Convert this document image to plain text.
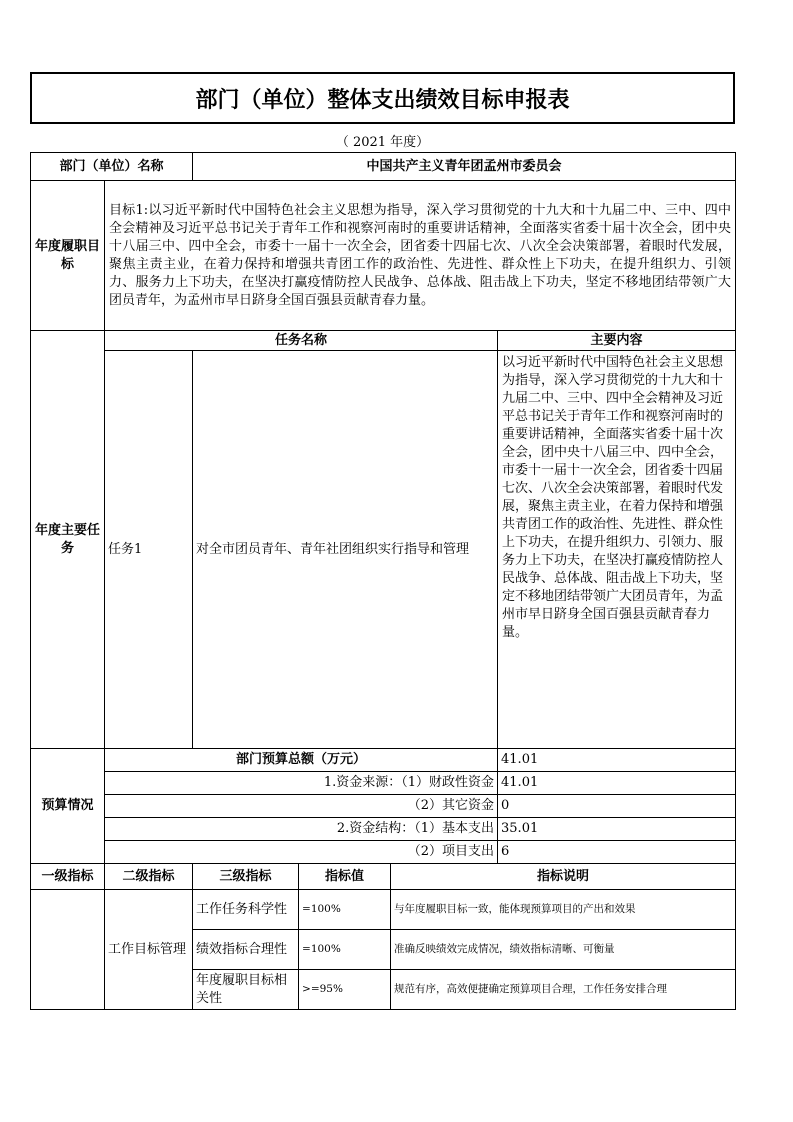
部门（单位）整体支出绩效目标申报表
（ 2021 年度）
部门（单位）名称		中国共产主义青年团孟州市委员会			
年度履职目标	目标1:以习近平新时代中国特色社会主义思想为指导，深入学习贯彻党的十九大和十九届二中、三中、四中全会精神及习近平总书记关于青年工作和视察河南时的重要讲话精神，全面落实省委十届十次全会，团中央十八届三中、四中全会，市委十一届十一次全会，团省委十四届七次、八次全会决策部署，着眼时代发展，聚焦主责主业，在着力保持和增强共青团工作的政治性、先进性、群众性上下功夫，在提升组织力、引领力、服务力上下功夫，在坚决打赢疫情防控人民战争、总体战、阻击战上下功夫，坚定不移地团结带领广大团员青年，为孟州市早日跻身全国百强县贡献青春力量。				
年度主要任务	任务名称				主要内容
	任务1	对全市团员青年、青年社团组织实行指导和管理			以习近平新时代中国特色社会主义思想为指导，深入学习贯彻党的十九大和十九届二中、三中、四中全会精神及习近平总书记关于青年工作和视察河南时的重要讲话精神，全面落实省委十届十次全会，团中央十八届三中、四中全会，市委十一届十一次全会，团省委十四届七次、八次全会决策部署，着眼时代发展，聚焦主责主业，在着力保持和增强共青团工作的政治性、先进性、群众性上下功夫，在提升组织力、引领力、服务力上下功夫，在坚决打赢疫情防控人民战争、总体战、阻击战上下功夫，坚定不移地团结带领广大团员青年，为孟州市早日跻身全国百强县贡献青春力量。
预算情况	部门预算总额（万元）				41.01
	1.资金来源：（1）财政性资金				41.01
	（2）其它资金				0
	2.资金结构：（1）基本支出				35.01
	（2）项目支出				6
一级指标	二级指标	三级指标	指标值	指标说明	
	工作目标管理	工作任务科学性	=100%	与年度履职目标一致，能体现预算项目的产出和效果	
		绩效指标合理性	=100%	准确反映绩效完成情况，绩效指标清晰、可衡量	
		年度履职目标相关性	>=95%	规范有序，高效便捷确定预算项目合理，工作任务安排合理	
